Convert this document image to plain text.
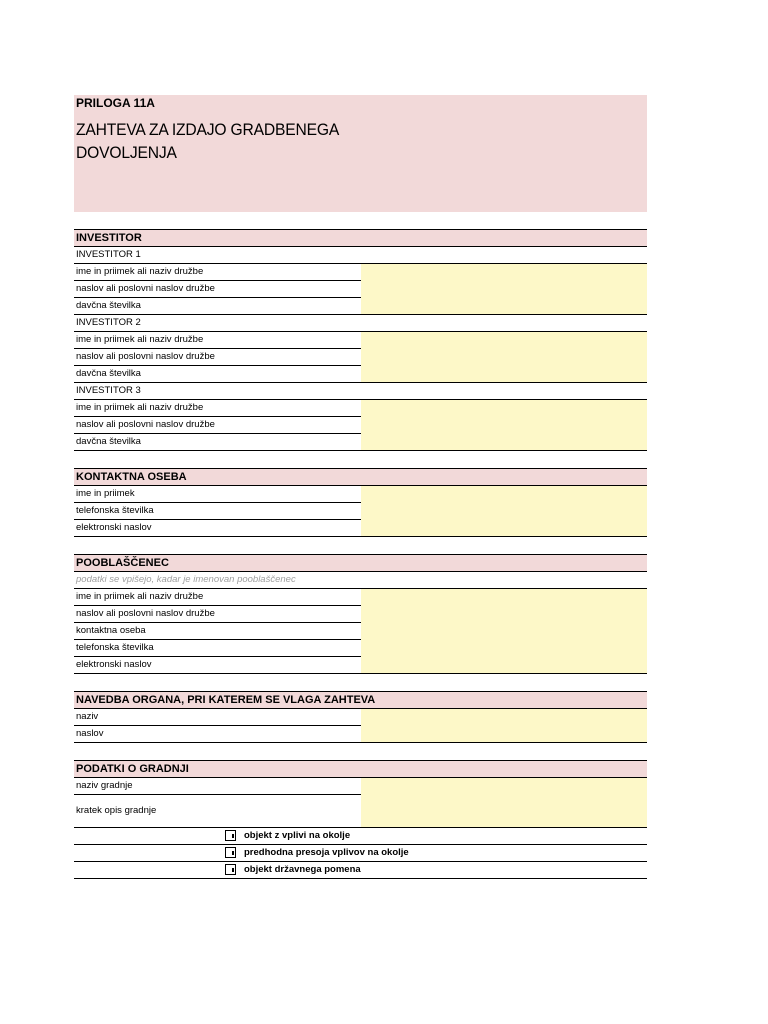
PRILOGA 11A
ZAHTEVA ZA IZDAJO GRADBENEGA
DOVOLJENJA
INVESTITOR	
INVESTITOR 1	
ime in priimek ali naziv družbe	
naslov ali poslovni naslov družbe	
davčna številka	
INVESTITOR 2	
ime in priimek ali naziv družbe	
naslov ali poslovni naslov družbe	
davčna številka	
INVESTITOR 3	
ime in priimek ali naziv družbe	
naslov ali poslovni naslov družbe	
davčna številka	
KONTAKTNA OSEBA	
ime in priimek	
telefonska številka	
elektronski naslov	
POOBLAŠČENEC	
podatki se vpišejo, kadar je imenovan pooblaščenec	
ime in priimek ali naziv družbe	
naslov ali poslovni naslov družbe	
kontaktna oseba	
telefonska številka	
elektronski naslov	
NAVEDBA ORGANA, PRI KATEREM SE VLAGA ZAHTEVA	
naziv	
naslov	
PODATKI O GRADNJI	
naziv gradnje	
kratek opis gradnje	
	objekt z vplivi na okolje
	predhodna presoja vplivov na okolje
	objekt državnega pomena
